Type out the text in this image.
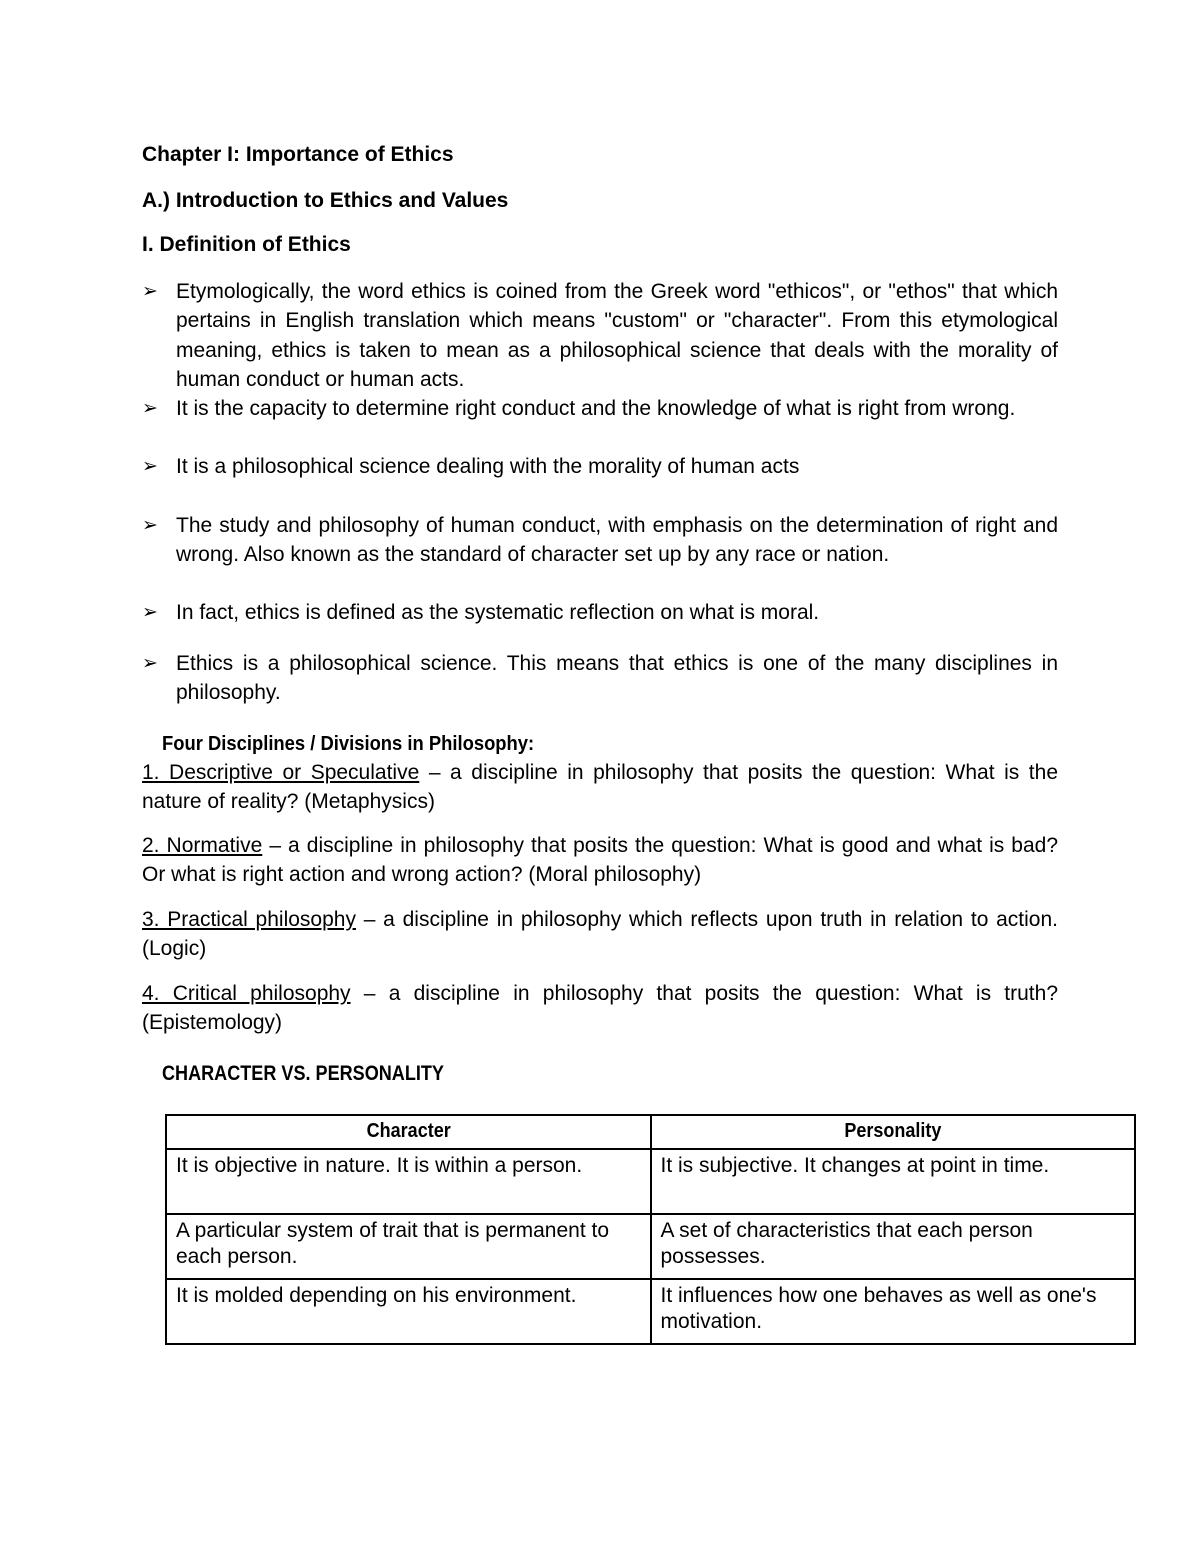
Chapter I: Importance of Ethics
A.) Introduction to Ethics and Values
I. Definition of Ethics
➢ Etymologically, the word ethics is coined from the Greek word "ethicos", or "ethos" that which pertains in English translation which means "custom" or "character". From this etymological meaning, ethics is taken to mean as a philosophical science that deals with the morality of human conduct or human acts.
➢ It is the capacity to determine right conduct and the knowledge of what is right from wrong.
➢ It is a philosophical science dealing with the morality of human acts
➢ The study and philosophy of human conduct, with emphasis on the determination of right and wrong. Also known as the standard of character set up by any race or nation.
➢ In fact, ethics is defined as the systematic reflection on what is moral.
➢ Ethics is a philosophical science. This means that ethics is one of the many disciplines in philosophy.
Four Disciplines / Divisions in Philosophy:

1. Descriptive or Speculative – a discipline in philosophy that posits the question: What is the nature of reality? (Metaphysics)

2. Normative – a discipline in philosophy that posits the question: What is good and what is bad? Or what is right action and wrong action? (Moral philosophy)

3. Practical philosophy – a discipline in philosophy which reflects upon truth in relation to action. (Logic)

4. Critical philosophy – a discipline in philosophy that posits the question: What is truth? (Epistemology)

CHARACTER VS. PERSONALITY
Character	Personality
It is objective in nature. It is within a person.	It is subjective. It changes at point in time.
A particular system of trait that is permanent to each person.	A set of characteristics that each person possesses.
It is molded depending on his environment.	It influences how one behaves as well as one's motivation.
